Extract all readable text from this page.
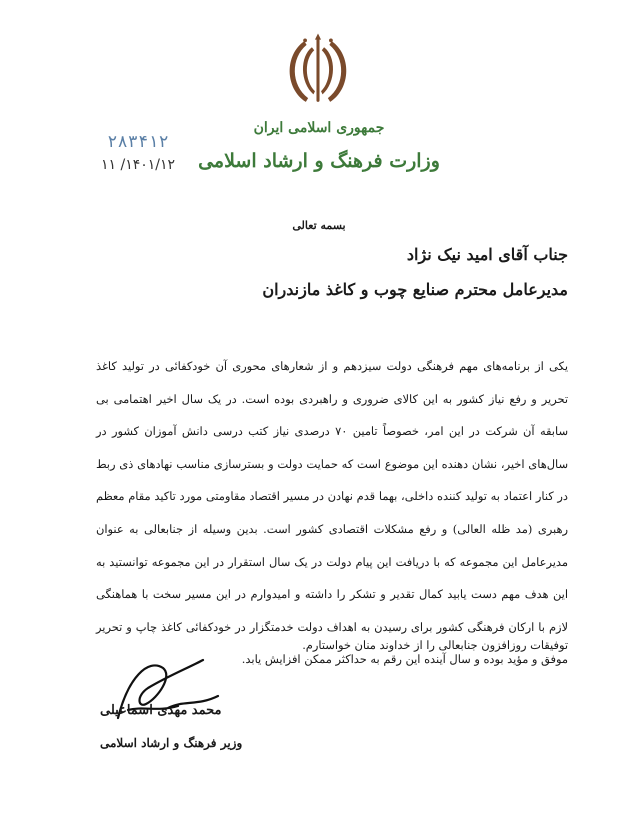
جمهوری اسلامی ایران
وزارت فرهنگ و ارشاد اسلامی
۲۸۳۴۱۲
۱۴۰۱/۱۲/ ۱۱
بسمه تعالی
جناب آقای امید نیک نژاد
مدیرعامل محترم صنایع چوب و کاغذ مازندران

یکی از برنامه‌های مهم فرهنگی دولت سیزدهم و از شعارهای محوری آن خودکفائی در تولید کاغذ تحریر و رفع نیاز کشور به این کالای ضروری و راهبردی بوده است. در یک سال اخیر اهتمامی بی سابقه آن شرکت در این امر، خصوصاً تامین ۷۰ درصدی نیاز کتب درسی دانش آموزان کشور در سال‌های اخیر، نشان دهنده این موضوع است که حمایت دولت و بسترسازی مناسب نهادهای ذی ربط در کنار اعتماد به تولید کننده داخلی، بهما قدم نهادن در مسیر اقتصاد مقاومتی مورد تاکید مقام معظم رهبری (مد ظله العالی) و رفع مشکلات اقتصادی کشور است. بدین وسیله از جنابعالی به عنوان مدیرعامل این مجموعه که با دریافت این پیام دولت در یک سال استقرار در این مجموعه توانستید به این هدف مهم دست یابید کمال تقدیر و تشکر را داشته و امیدوارم در این مسیر سخت با هماهنگی لازم با ارکان فرهنگی کشور برای رسیدن به اهداف دولت خدمتگزار در خودکفائی کاغذ چاپ و تحریر موفق و مؤید بوده و سال آینده این رقم به حداکثر ممکن افزایش یابد.

توفیقات روزافزون جنابعالی را از خداوند منان خواستارم.
محمد مهدی اسماعیلی
وزیر فرهنگ و ارشاد اسلامی
